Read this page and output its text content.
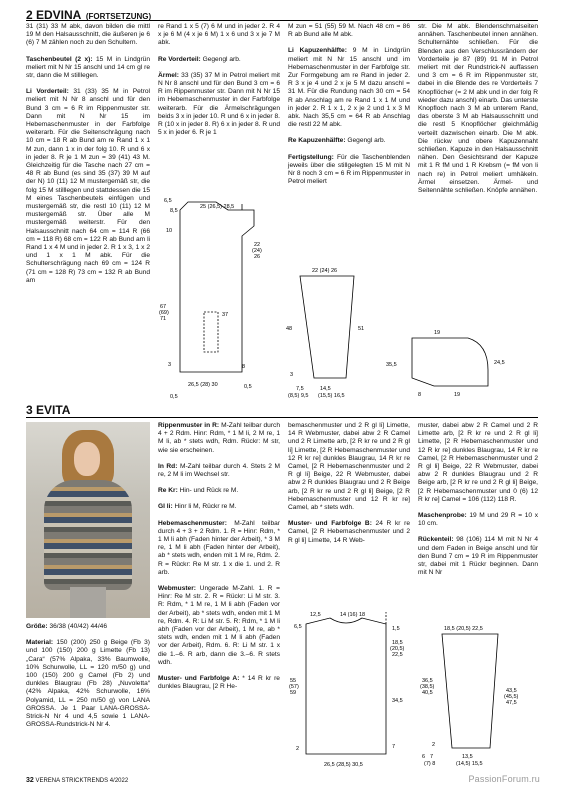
2 EDVINA (FORTSETZUNG)

31 (31) 33 M abk, davon bilden die mittl 19 M den Halsausschnitt, die äußeren je 6 (6) 7 M zählen noch zu den Schultern.

Taschenbeutel (2 x): 15 M in Lindgrün meliert mit N Nr 15 anschl und 14 cm gl re str, dann die M stilllegen.

Li Vorderteil: 31 (33) 35 M in Petrol meliert mit N Nr 8 anschl und für den Bund 3 cm = 6 R im Rippenmuster str. Dann mit N Nr 15 im Hebemaschenmuster in der Farbfolge weiterarb. Für die Seitenschrägung nach 10 cm = 18 R ab Bund am re Rand 1 x 1 M zun, dann 1 x in der folg 10. R und 6 x in jeder 8. R je 1 M zun = 39 (41) 43 M. Gleichzeitig für die Tasche nach 27 cm = 48 R ab Bund (es sind 35 (37) 39 M auf der N) 10 (11) 12 M mustergemäß str, die folg 15 M stilllegen und stattdessen die 15 M eines Taschenbeutels einfügen und mustergemäß str, die restl 10 (11) 12 M mustergemäß str. Über alle M mustergemäß weiterstr. Für den Halsausschnitt nach 64 cm = 114 R (66 cm = 118 R) 68 cm = 122 R ab Bund am li Rand 1 x 4 M und in jeder 2. R 1 x 3, 1 x 2 und 1 x 1 M abk. Für die Schulterschrägung nach 69 cm = 124 R (71 cm = 128 R) 73 cm = 132 R ab Bund am

re Rand 1 x 5 (7) 6 M und in jeder 2. R 4 x je 6 M (4 x je 6 M) 1 x 6 und 3 x je 7 M abk.

Re Vorderteil: Gegengl arb.

Ärmel: 33 (35) 37 M in Petrol meliert mit N Nr 8 anschl und für den Bund 3 cm = 6 R im Rippenmuster str. Dann mit N Nr 15 im Hebemaschenmuster in der Farbfolge weiterarb. Für die Ärmelschrägungen beids 3 x in jeder 10. R und 6 x in jeder 8. R (10 x in jeder 8. R) 6 x in jeder 8. R und 5 x in jeder 6. R je 1

M zun = 51 (55) 59 M. Nach 48 cm = 86 R ab Bund alle M abk.

Li Kapuzenhälfte: 9 M in Lindgrün meliert mit N Nr 15 anschl und im Hebemaschenmuster in der Farbfolge str. Zur Formgebung am re Rand in jeder 2. R 3 x je 4 und 2 x je 5 M dazu anschl = 31 M. Für die Rundung nach 30 cm = 54 R ab Anschlag am re Rand 1 x 1 M und in jeder 2. R 1 x 1, 2 x je 2 und 1 x 3 M abk. Nach 35,5 cm = 64 R ab Anschlag die restl 22 M abk.

Re Kapuzenhälfte: Gegengl arb.

Fertigstellung: Für die Taschenblenden jeweils über die stillgelegten 15 M mit N Nr 8 noch 3 cm = 6 R im Rippenmuster in Petrol meliert

str. Die M abk. Blendenschmalseiten annähen. Taschenbeutel innen annähen. Schulternähte schließen. Für die Blenden aus den Verschlussrändern der Vorderteile je 87 (89) 91 M in Petrol meliert mit der Rundstrick-N auffassen und 3 cm = 6 R im Rippenmuster str, dabei in die Blende des re Vorderteils 7 Knopflöcher (= 2 M abk und in der folg R wieder dazu anschl) einarb. Das unterste Knopfloch nach 3 M ab unterem Rand, das oberste 3 M ab Halsausschnitt und die restl 5 Knopflöcher gleichmäßig verteilt dazwischen einarb. Die M abk. Die rückw und obere Kapuzennaht schließen. Kapuze in den Halsausschnitt nähen. Den Gesichtsrand der Kapuze mit 1 R fM und 1 R Krebsm (= fM von li nach re) in Petrol meliert umhäkeln. Ärmel einsetzen. Ärmel- und Seitennähte schließen. Knöpfe annähen.

6,5
25 (26,5) 28,5
8,5
10
22
(24)
26
67
(69)
71
37
3
26,5 (28) 30
8
0,5
0,5
22 (24) 26
48	51
3
7,5	14,5
(8,5) 9,5 (15,5) 16,5
19
8	19
35,5	24,5
3 EVITA

Größe: 36/38 (40/42) 44/46

Material: 150 (200) 250 g Beige (Fb 3) und 100 (150) 200 g Limette (Fb 13) „Cara“ (57% Alpaka, 33% Baumwolle, 10% Schurwolle, LL = 120 m/50 g) und 100 (150) 200 g Camel (Fb 2) und dunkles Blaugrau (Fb 28) „Nuvoletta“ (42% Alpaka, 42% Schurwolle, 16% Polyamid, LL = 250 m/50 g) von LANA GROSSA. Je 1 Paar LANA-GROSSA-Strick-N Nr 4 und 4,5 sowie 1 LANA-GROSSA-Rundstrick-N Nr 4.

Rippenmuster in R: M-Zahl teilbar durch 4 + 2 Rdm. Hinr: Rdm, * 1 M li, 2 M re, 1 M li, ab * stets wdh, Rdm. Rückr: M str, wie sie erscheinen.

In Rd: M-Zahl teilbar durch 4. Stets 2 M re, 2 M li im Wechsel str.

Re Kr: Hin- und Rück re M.

Gl li: Hinr li M, Rückr re M.

Hebemaschenmuster: M-Zahl teilbar durch 4 + 3 + 2 Rdm. 1. R = Hinr: Rdm, * 1 M li abh (Faden hinter der Arbeit), * 3 M re, 1 M li abh (Faden hinter der Arbeit), ab * stets wdh, enden mit 1 M re, Rdm. 2. R = Rückr: Re M str. 1 x die 1. und 2. R arb.

Webmuster: Ungerade M-Zahl. 1. R = Hinr: Re M str. 2. R = Rückr: Li M str. 3. R: Rdm, * 1 M re, 1 M li abh (Faden vor der Arbeit), ab * stets wdh, enden mit 1 M re, Rdm. 4. R: Li M str. 5. R: Rdm, * 1 M li abh (Faden vor der Arbeit), 1 M re, ab * stets wdh, enden mit 1 M li abh (Faden vor der Arbeit), Rdm. 6. R: Li M str. 1 x die 1.–6. R arb, dann die 3.–6. R stets wdh.

Muster- und Farbfolge A: * 14 R kr re dunkles Blaugrau, [2 R He-

bemaschenmuster und 2 R gl li] Limette, 14 R Webmuster, dabei abw 2 R Camel und 2 R Limette arb, [2 R kr re und 2 R gl li] Limette, [2 R Hebemaschenmuster und 12 R kr re] dunkles Blaugrau, 14 R kr re Camel, [2 R Hebemaschenmuster und 2 R gl li] Beige, 22 R Webmuster, dabei abw 2 R dunkles Blaugrau und 2 R Beige arb, [2 R kr re und 2 R gl li] Beige, [2 R Hebemaschenmuster und 12 R kr re] Camel, ab * stets wdh.

Muster- und Farbfolge B: 24 R kr re Camel, [2 R Hebemaschenmuster und 2 R gl li] Limette, 14 R Web-

muster, dabei abw 2 R Camel und 2 R Limette arb, [2 R kr re und 2 R gl li] Limette, [2 R Hebemaschenmuster und 12 R kr re] dunkles Blaugrau, 14 R kr re Camel, [2 R Hebemaschenmuster und 2 R gl li] Beige, 22 R Webmuster, dabei abw 2 R dunkles Blaugrau und 2 R Beige arb, [2 R kr re und 2 R gl li] Beige, [2 R Hebemaschenmuster und 0 (6) 12 R kr re] Camel = 106 (112) 118 R.

Maschenprobe: 19 M und 29 R = 10 x 10 cm.

Rückenteil: 98 (106) 114 M mit N Nr 4 und dem Faden in Beige anschl und für den Bund 7 cm = 19 R im Rippenmuster str, dabei mit 1 Rückr beginnen. Dann mit N Nr

12,5	14 (16) 18
6,5	1,5
18,5
(20,5)
22,5
55
(57)
59
34,5
2	7
26,5 (28,5) 30,5
18,5 (20,5) 22,5
36,5
(38,5)
40,5	43,5
(45,5)
47,5
2
6 7
(7) 8
13,5
(14,5) 15,5
32 VERENA STRICKTRENDS 4/2022	PassionForum.ru
